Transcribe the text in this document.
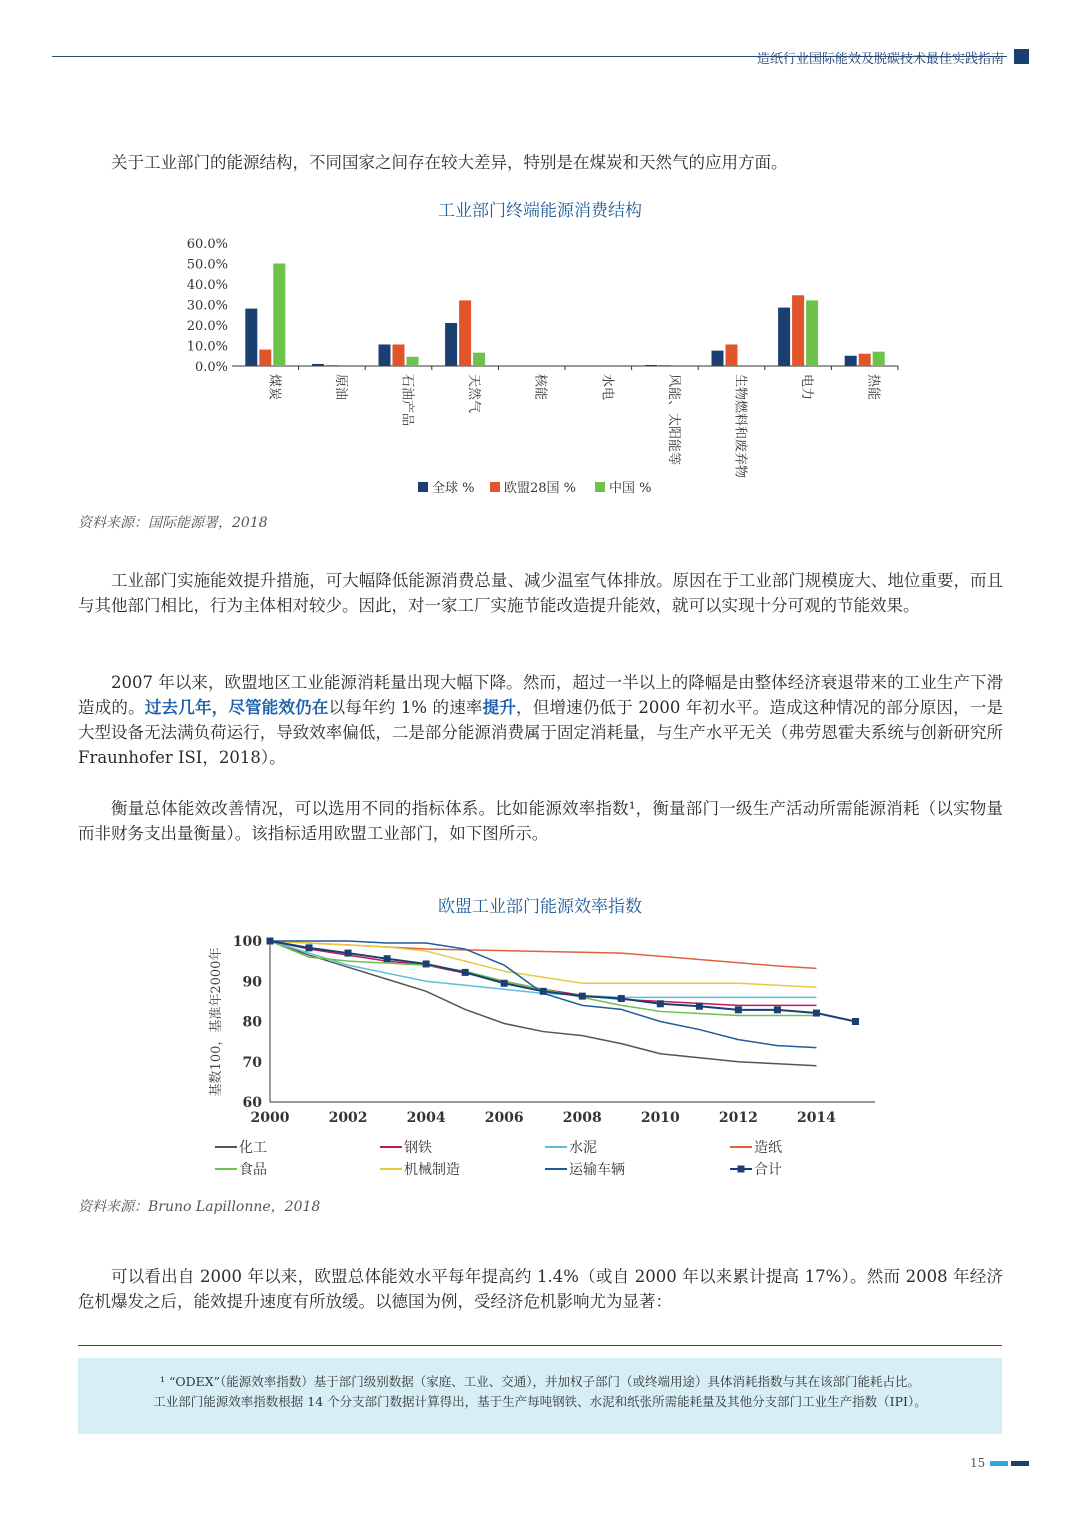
造纸行业国际能效及脱碳技术最佳实践指南

关于工业部门的能源结构，不同国家之间存在较大差异，特别是在煤炭和天然气的应用方面。

工业部门终端能源消费结构
0.0%
10.0%
20.0%
30.0%
40.0%
50.0%
60.0%
煤炭	原油	石油产品	天然气	核能	水电	风能、太阳能等	生物燃料和废弃物	电力	热能
全球 % 欧盟28国 %	中国 %
资料来源：国际能源署，2018

工业部门实施能效提升措施，可大幅降低能源消费总量、减少温室气体排放。原因在于工业部门规模庞大、地位重要，而且与其他部门相比，行为主体相对较少。因此，对一家工厂实施节能改造提升能效，就可以实现十分可观的节能效果。

2007 年以来，欧盟地区工业能源消耗量出现大幅下降。然而，超过一半以上的降幅是由整体经济衰退带来的工业生产下滑造成的。过去几年，尽管能效仍在以每年约 1% 的速率提升，但增速仍低于 2000 年初水平。造成这种情况的部分原因，一是大型设备无法满负荷运行，导致效率偏低，二是部分能源消费属于固定消耗量，与生产水平无关（弗劳恩霍夫系统与创新研究所 Fraunhofer ISI，2018）。

衡量总体能效改善情况，可以选用不同的指标体系。比如能源效率指数¹，衡量部门一级生产活动所需能源消耗（以实物量而非财务支出量衡量）。该指标适用欧盟工业部门，如下图所示。

欧盟工业部门能源效率指数
基数100，基准年2000年
60
70
80
90
100
2000	2002	2004	2006	2008	2010	2012	2014
化工	钢铁	水泥	造纸
食品	机械制造	运输车辆	合计
资料来源：Bruno Lapillonne，2018

可以看出自 2000 年以来，欧盟总体能效水平每年提高约 1.4%（或自 2000 年以来累计提高 17%）。然而 2008 年经济危机爆发之后，能效提升速度有所放缓。以德国为例，受经济危机影响尤为显著：

¹ “ODEX”（能源效率指数）基于部门级别数据（家庭、工业、交通），并加权子部门（或终端用途）具体消耗指数与其在该部门能耗占比。

工业部门能源效率指数根据 14 个分支部门数据计算得出，基于生产每吨钢铁、水泥和纸张所需能耗量及其他分支部门工业生产指数（IPI）。

15
